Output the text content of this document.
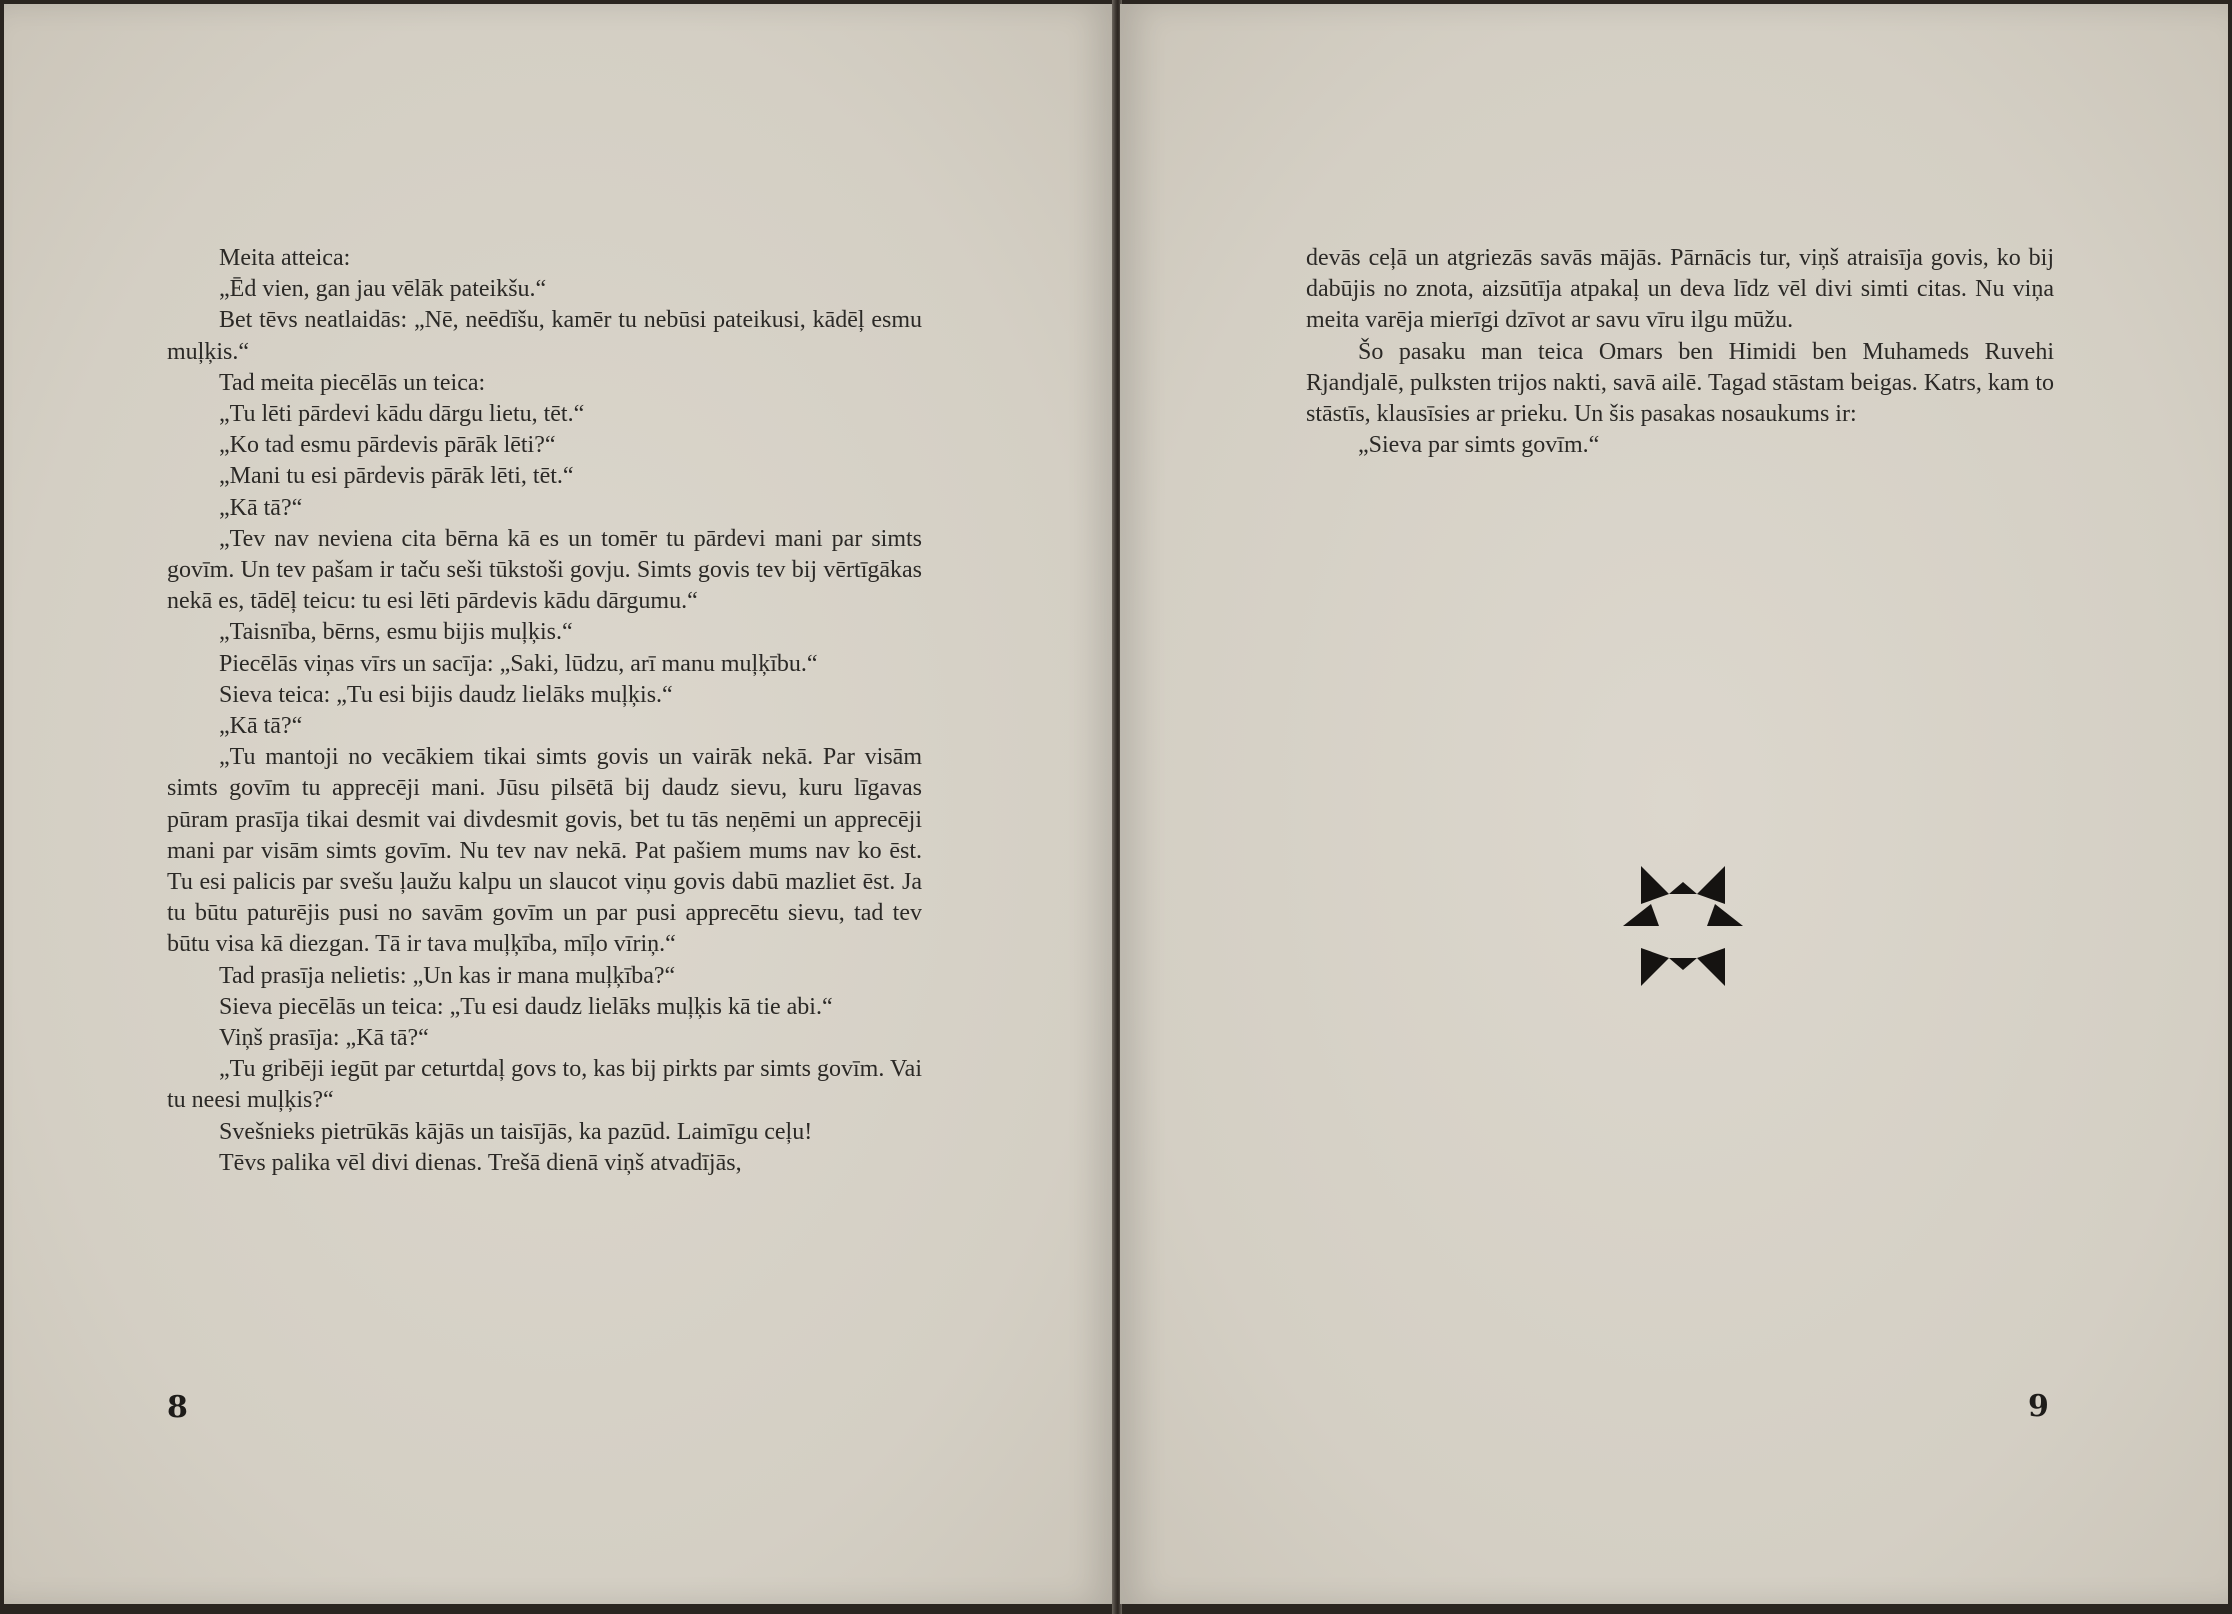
Meita atteica:

„Ēd vien, gan jau vēlāk pateikšu.“

Bet tēvs neatlaidās: „Nē, neēdīšu, kamēr tu nebūsi pateikusi, kādēļ esmu muļķis.“

Tad meita piecēlās un teica:

„Tu lēti pārdevi kādu dārgu lietu, tēt.“

„Ko tad esmu pārdevis pārāk lēti?“

„Mani tu esi pārdevis pārāk lēti, tēt.“

„Kā tā?“

„Tev nav neviena cita bērna kā es un tomēr tu pārdevi mani par simts govīm. Un tev pašam ir taču seši tūkstoši govju. Simts govis tev bij vērtīgākas nekā es, tādēļ teicu: tu esi lēti pārdevis kādu dārgumu.“

„Taisnība, bērns, esmu bijis muļķis.“

Piecēlās viņas vīrs un sacīja: „Saki, lūdzu, arī manu muļķību.“

Sieva teica: „Tu esi bijis daudz lielāks muļķis.“

„Kā tā?“

„Tu mantoji no vecākiem tikai simts govis un vairāk nekā. Par visām simts govīm tu apprecēji mani. Jūsu pilsētā bij daudz sievu, kuru līgavas pūram prasīja tikai desmit vai divdesmit govis, bet tu tās neņēmi un apprecēji mani par visām simts govīm. Nu tev nav nekā. Pat pašiem mums nav ko ēst. Tu esi palicis par svešu ļaužu kalpu un slaucot viņu govis dabū mazliet ēst. Ja tu būtu paturējis pusi no savām govīm un par pusi apprecētu sievu, tad tev būtu visa kā diezgan. Tā ir tava muļķība, mīļo vīriņ.“

Tad prasīja nelietis: „Un kas ir mana muļķība?“

Sieva piecēlās un teica: „Tu esi daudz lielāks muļķis kā tie abi.“

Viņš prasīja: „Kā tā?“

„Tu gribēji iegūt par ceturtdaļ govs to, kas bij pirkts par simts govīm. Vai tu neesi muļķis?“

Svešnieks pietrūkās kājās un taisījās, ka pazūd. Laimīgu ceļu!

Tēvs palika vēl divi dienas. Trešā dienā viņš atvadījās,

8

devās ceļā un atgriezās savās mājās. Pārnācis tur, viņš atraisīja govis, ko bij dabūjis no znota, aizsūtīja atpakaļ un deva līdz vēl divi simti citas. Nu viņa meita varēja mierīgi dzīvot ar savu vīru ilgu mūžu.

Šo pasaku man teica Omars ben Himidi ben Muhameds Ruvehi Rjandjalē, pulksten trijos nakti, savā ailē. Tagad stāstam beigas. Katrs, kam to stāstīs, klausīsies ar prieku. Un šis pasakas nosaukums ir:

„Sieva par simts govīm.“

9
